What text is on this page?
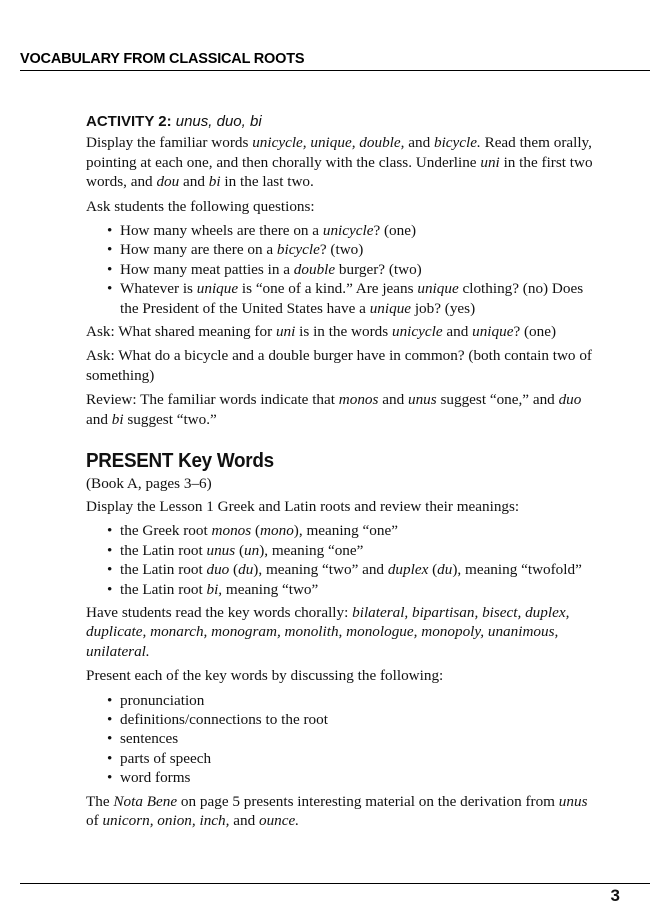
VOCABULARY FROM CLASSICAL ROOTS
ACTIVITY 2: unus, duo, bi

Display the familiar words unicycle, unique, double, and bicycle. Read them orally, pointing at each one, and then chorally with the class. Underline uni in the first two words, and dou and bi in the last two.

Ask students the following questions:

• How many wheels are there on a unicycle? (one)
• How many are there on a bicycle? (two)
• How many meat patties in a double burger? (two)
• Whatever is unique is “one of a kind.” Are jeans unique clothing? (no) Does the President of the United States have a unique job? (yes)

Ask: What shared meaning for uni is in the words unicycle and unique? (one)

Ask: What do a bicycle and a double burger have in common? (both contain two of something)

Review: The familiar words indicate that monos and unus suggest “one,” and duo and bi suggest “two.”

PRESENT Key Words

(Book A, pages 3–6)

Display the Lesson 1 Greek and Latin roots and review their meanings:

• the Greek root monos (mono), meaning “one”
• the Latin root unus (un), meaning “one”
• the Latin root duo (du), meaning “two” and duplex (du), meaning “twofold”
• the Latin root bi, meaning “two”

Have students read the key words chorally: bilateral, bipartisan, bisect, duplex, duplicate, monarch, monogram, monolith, monologue, monopoly, unanimous, unilateral.

Present each of the key words by discussing the following:

• pronunciation
• definitions/connections to the root
• sentences
• parts of speech
• word forms

The Nota Bene on page 5 presents interesting material on the derivation from unus of unicorn, onion, inch, and ounce.

3
